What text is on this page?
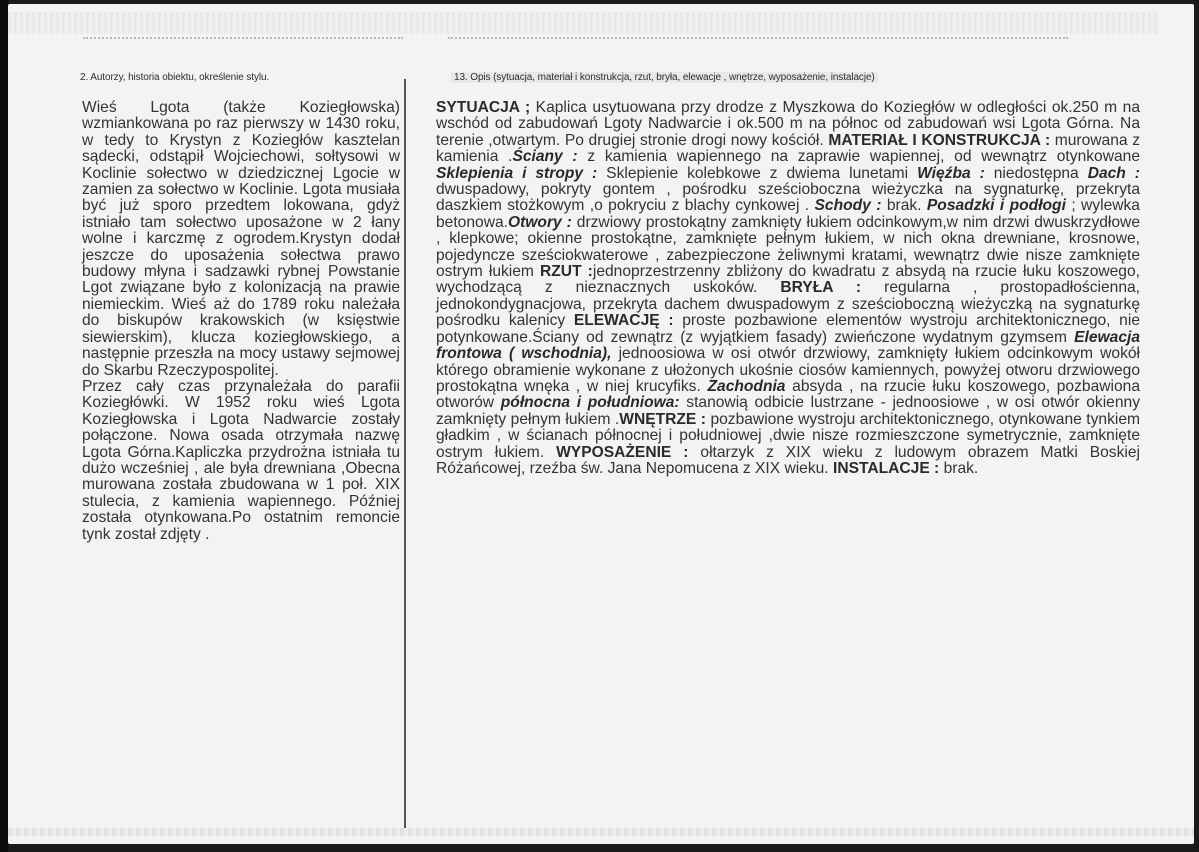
2. Autorzy, historia obiektu, określenie stylu.	13. Opis (sytuacja, materiał i konstrukcja, rzut, bryła, elewacje , wnętrze, wyposażenie, instalacje)

Wieś Lgota (także Koziegłowska) wzmiankowana po raz pierwszy w 1430 roku, w tedy to Krystyn z Koziegłów kasztelan sądecki, odstąpił Wojciechowi, sołtysowi w Koclinie sołectwo w dziedzicznej Lgocie w zamien za sołectwo w Koclinie. Lgota musiała być już sporo przedtem lokowana, gdyż istniało tam sołectwo uposażone w 2 łany wolne i karczmę z ogrodem.Krystyn dodał jeszcze do uposażenia sołectwa prawo budowy młyna i sadzawki rybnej Powstanie Lgot związane było z kolonizacją na prawie niemieckim. Wieś aż do 1789 roku należała do biskupów krakowskich (w księstwie siewierskim), klucza koziegłowskiego, a następnie przeszła na mocy ustawy sejmowej do Skarbu Rzeczypospolitej.

Przez cały czas przynależała do parafii Koziegłówki. W 1952 roku wieś Lgota Koziegłowska i Lgota Nadwarcie zostały połączone. Nowa osada otrzymała nazwę Lgota Górna.Kapliczka przydrożna istniała tu dużo wcześniej , ale była drewniana ,Obecna murowana została zbudowana w 1 poł. XIX stulecia, z kamienia wapiennego. Później została otynkowana.Po ostatnim remoncie tynk został zdjęty .

SYTUACJA ; Kaplica usytuowana przy drodze z Myszkowa do Koziegłów w odległości ok.250 m na wschód od zabudowań Lgoty Nadwarcie i ok.500 m na północ od zabudowań wsi Lgota Górna. Na terenie ,otwartym. Po drugiej stronie drogi nowy kościół. MATERIAŁ I KONSTRUKCJA : murowana z kamienia .Ściany : z kamienia wapiennego na zaprawie wapiennej, od wewnątrz otynkowane Sklepienia i stropy : Sklepienie kolebkowe z dwiema lunetami Więźba : niedostępna Dach : dwuspadowy, pokryty gontem , pośrodku sześcioboczna wieżyczka na sygnaturkę, przekryta daszkiem stożkowym ,o pokryciu z blachy cynkowej . Schody : brak. Posadzki i podłogi ; wylewka betonowa.Otwory : drzwiowy prostokątny zamknięty łukiem odcinkowym,w nim drzwi dwuskrzydłowe , klepkowe; okienne prostokątne, zamknięte pełnym łukiem, w nich okna drewniane, krosnowe, pojedyncze sześciokwaterowe , zabezpieczone żeliwnymi kratami, wewnątrz dwie nisze zamknięte ostrym łukiem RZUT :jednoprzestrzenny zbliżony do kwadratu z absydą na rzucie łuku koszowego, wychodzącą z nieznacznych uskoków. BRYŁA : regularna , prostopadłościenna, jednokondygnacjowa, przekryta dachem dwuspadowym z sześcioboczną wieżyczką na sygnaturkę pośrodku kalenicy ELEWACJĘ : proste pozbawione elementów wystroju architektonicznego, nie potynkowane.Ściany od zewnątrz (z wyjątkiem fasady) zwieńczone wydatnym gzymsem Elewacja frontowa ( wschodnia), jednoosiowa w osi otwór drzwiowy, zamknięty łukiem odcinkowym wokół którego obramienie wykonane z ułożonych ukośnie ciosów kamiennych, powyżej otworu drzwiowego prostokątna wnęka , w niej krucyfiks. Zachodnia absyda , na rzucie łuku koszowego, pozbawiona otworów północna i południowa: stanowią odbicie lustrzane - jednoosiowe , w osi otwór okienny zamknięty pełnym łukiem .WNĘTRZE : pozbawione wystroju architektonicznego, otynkowane tynkiem gładkim , w ścianach północnej i południowej ,dwie nisze rozmieszczone symetrycznie, zamknięte ostrym łukiem. WYPOSAŻENIE : ołtarzyk z XIX wieku z ludowym obrazem Matki Boskiej Różańcowej, rzeźba św. Jana Nepomucena z XIX wieku. INSTALACJE : brak.
